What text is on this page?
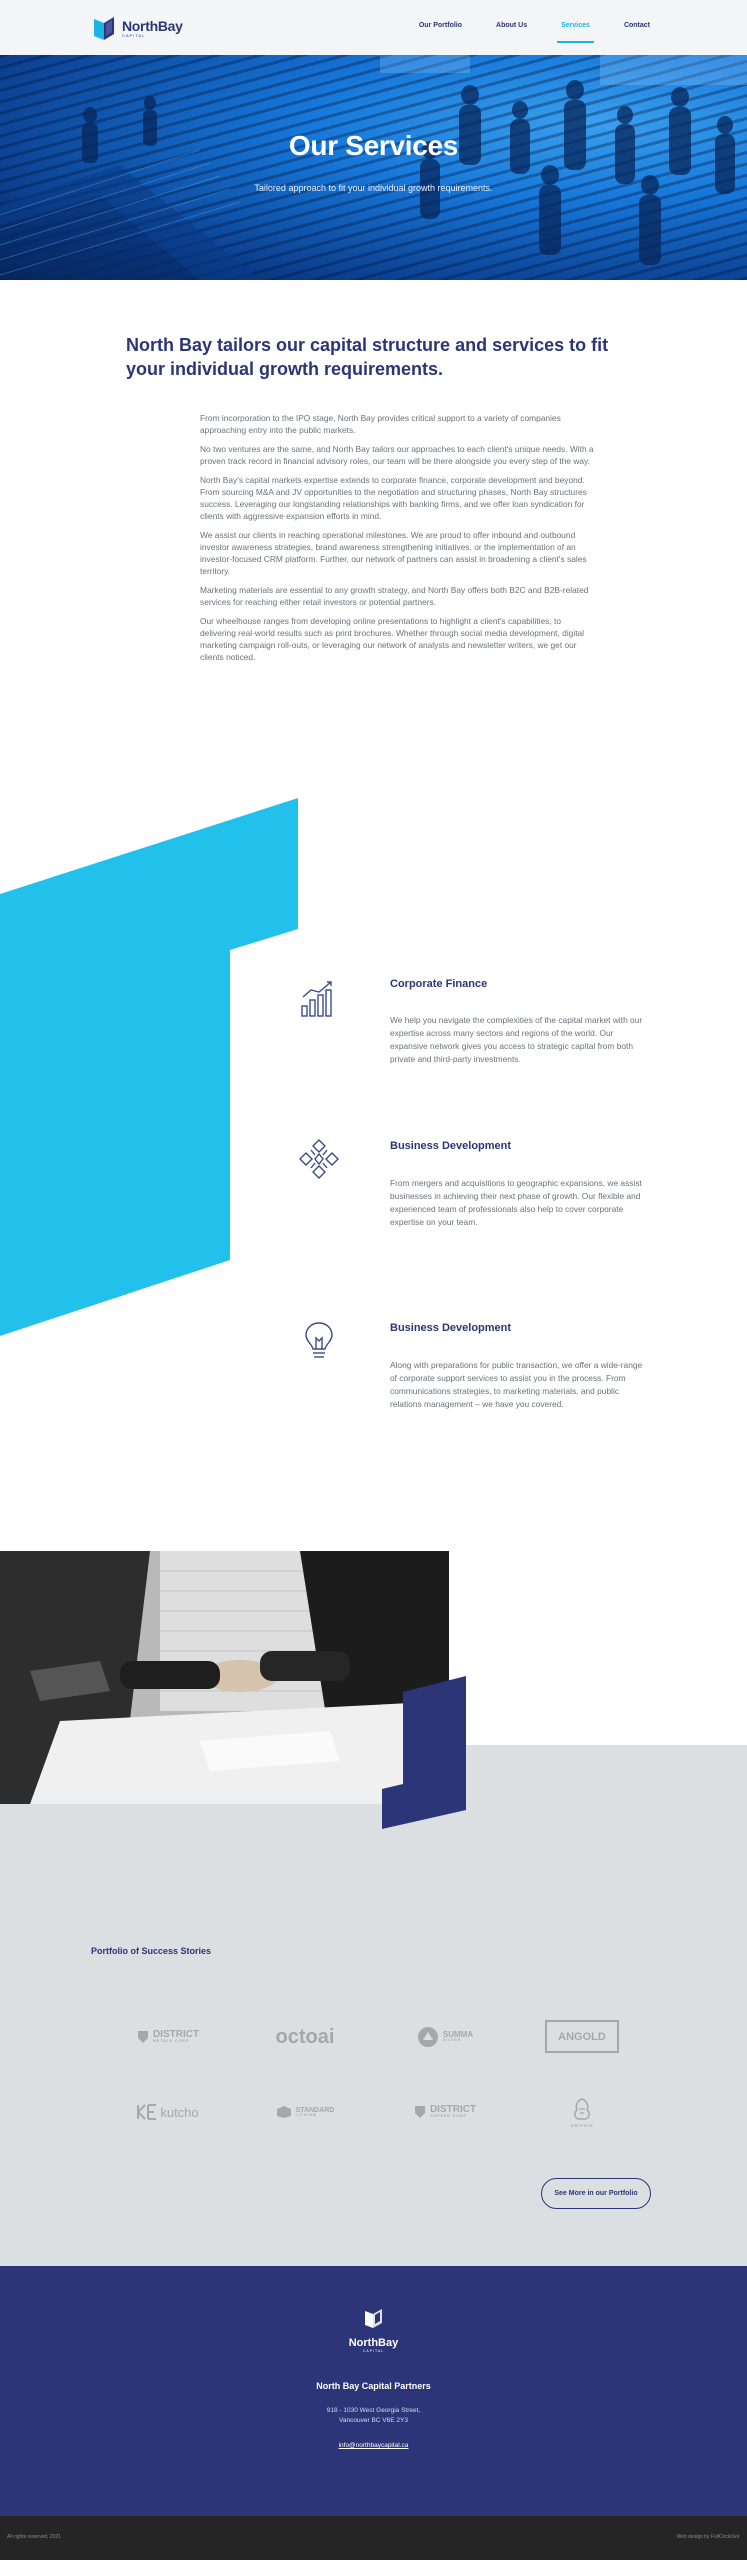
NorthBay
CAPITAL
Our Portfolio	About Us	Services	Contact
Our Services
Tailored approach to fit your individual growth requirements.
North Bay tailors our capital structure and services to fit your individual growth requirements.

From incorporation to the IPO stage, North Bay provides critical support to a variety of companies approaching entry into the public markets.

No two ventures are the same, and North Bay tailors our approaches to each client's unique needs. With a proven track record in financial advisory roles, our team will be there alongside you every step of the way.

North Bay's capital markets expertise extends to corporate finance, corporate development and beyond. From sourcing M&A and JV opportunities to the negotiation and structuring phases, North Bay structures success. Leveraging our longstanding relationships with banking firms, and we offer loan syndication for clients with aggressive expansion efforts in mind.

We assist our clients in reaching operational milestones. We are proud to offer inbound and outbound investor awareness strategies, brand awareness strengthening initiatives, or the implementation of an investor-focused CRM platform. Further, our network of partners can assist in broadening a client's sales territory.

Marketing materials are essential to any growth strategy, and North Bay offers both B2C and B2B-related services for reaching either retail investors or potential partners.

Our wheelhouse ranges from developing online presentations to highlight a client's capabilities, to delivering real-world results such as print brochures. Whether through social media development, digital marketing campaign roll-outs, or leveraging our network of analysts and newsletter writers, we get our clients noticed.

Corporate Finance
We help you navigate the complexities of the capital market with our expertise across many sectors and regions of the world. Our expansive network gives you access to strategic capital from both private and third-party investments.
Business Development
From mergers and acquisitions to geographic expansions, we assist businesses in achieving their next phase of growth. Our flexible and experienced team of professionals also help to cover corporate expertise on your team.
Business Development
Along with preparations for public transaction, we offer a wide-range of corporate support services to assist you in the process. From communications strategies, to marketing materials, and public relations management – we have you covered.
Portfolio of Success Stories
DISTRICT
METALS CORP	octoai	SUMMA
SILVER	ANGOLD
kutcho	STANDARD
LITHIUM	DISTRICT
COPPER CORP
GRIFFIN
See More in our Portfolio
NorthBay
CAPITAL
North Bay Capital Partners
918 - 1030 West Georgia Street,
Vancouver BC V6E 2Y3
info@northbaycapital.ca
All rights reserved, 2021	Web design by FullCircleSol
